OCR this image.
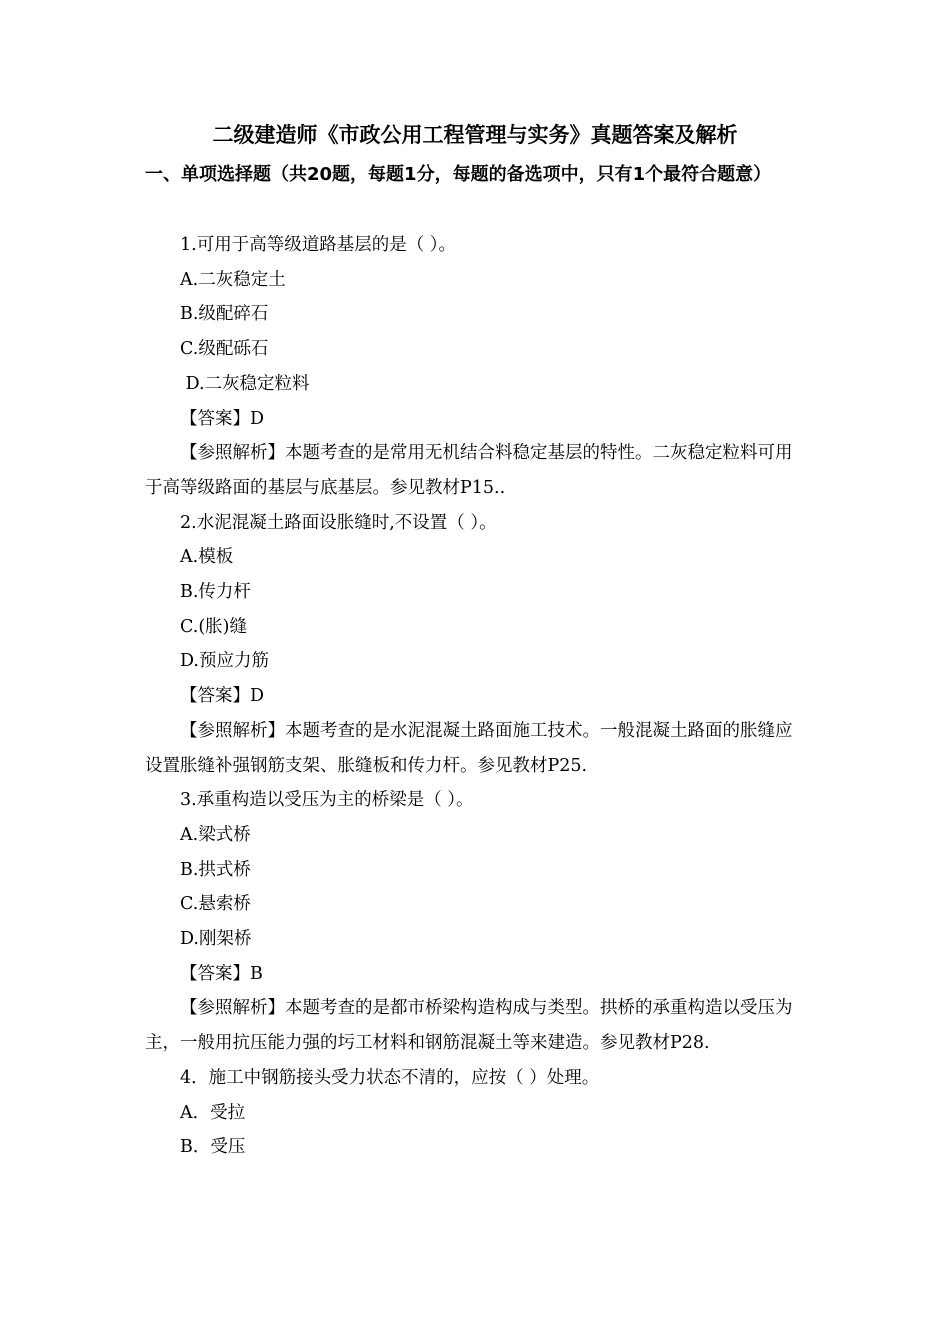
二级建造师《市政公用工程管理与实务》真题答案及解析
一、单项选择题（共20题，每题1分，每题的备选项中，只有1个最符合题意）

1.可用于高等级道路基层的是（ ）。

A.二灰稳定土

B.级配碎石

C.级配砾石

D.二灰稳定粒料

【答案】D

【参照解析】本题考查的是常用无机结合料稳定基层的特性。二灰稳定粒料可用于高等级路面的基层与底基层。参见教材P15..

2.水泥混凝土路面设胀缝时,不设置（ ）。

A.模板

B.传力杆

C.(胀)缝

D.预应力筋

【答案】D

【参照解析】本题考查的是水泥混凝土路面施工技术。一般混凝土路面的胀缝应设置胀缝补强钢筋支架、胀缝板和传力杆。参见教材P25.

3.承重构造以受压为主的桥梁是（ ）。

A.梁式桥

B.拱式桥

C.悬索桥

D.刚架桥

【答案】B

【参照解析】本题考查的是都市桥梁构造构成与类型。拱桥的承重构造以受压为主，一般用抗压能力强的圬工材料和钢筋混凝土等来建造。参见教材P28.

4．施工中钢筋接头受力状态不清的，应按（ ）处理。

A．受拉

B．受压
